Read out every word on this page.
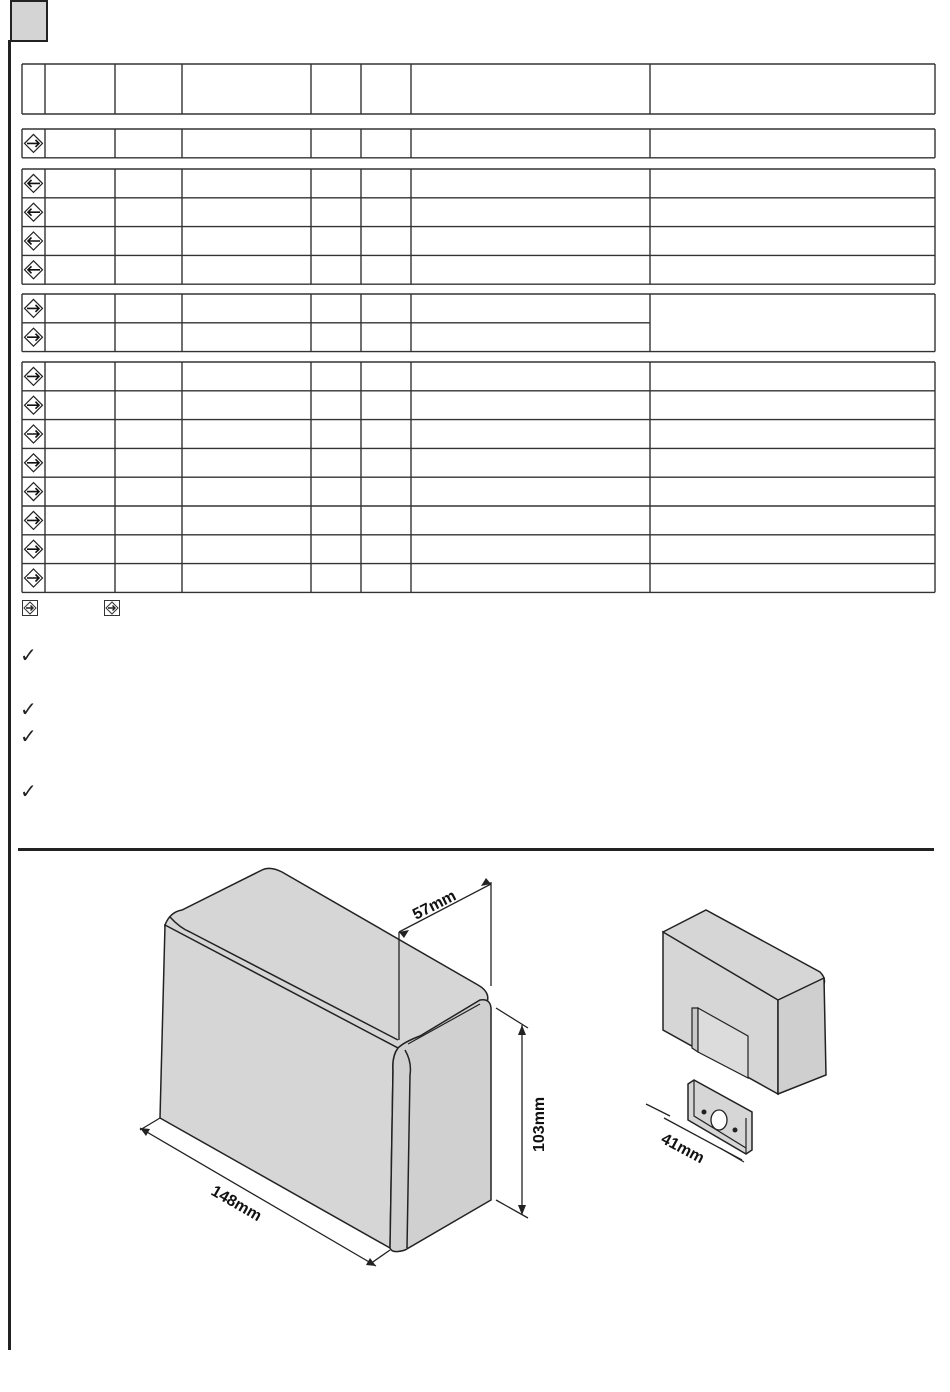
✓
✓
✓
✓
57mm
103mm
148mm
41mm
